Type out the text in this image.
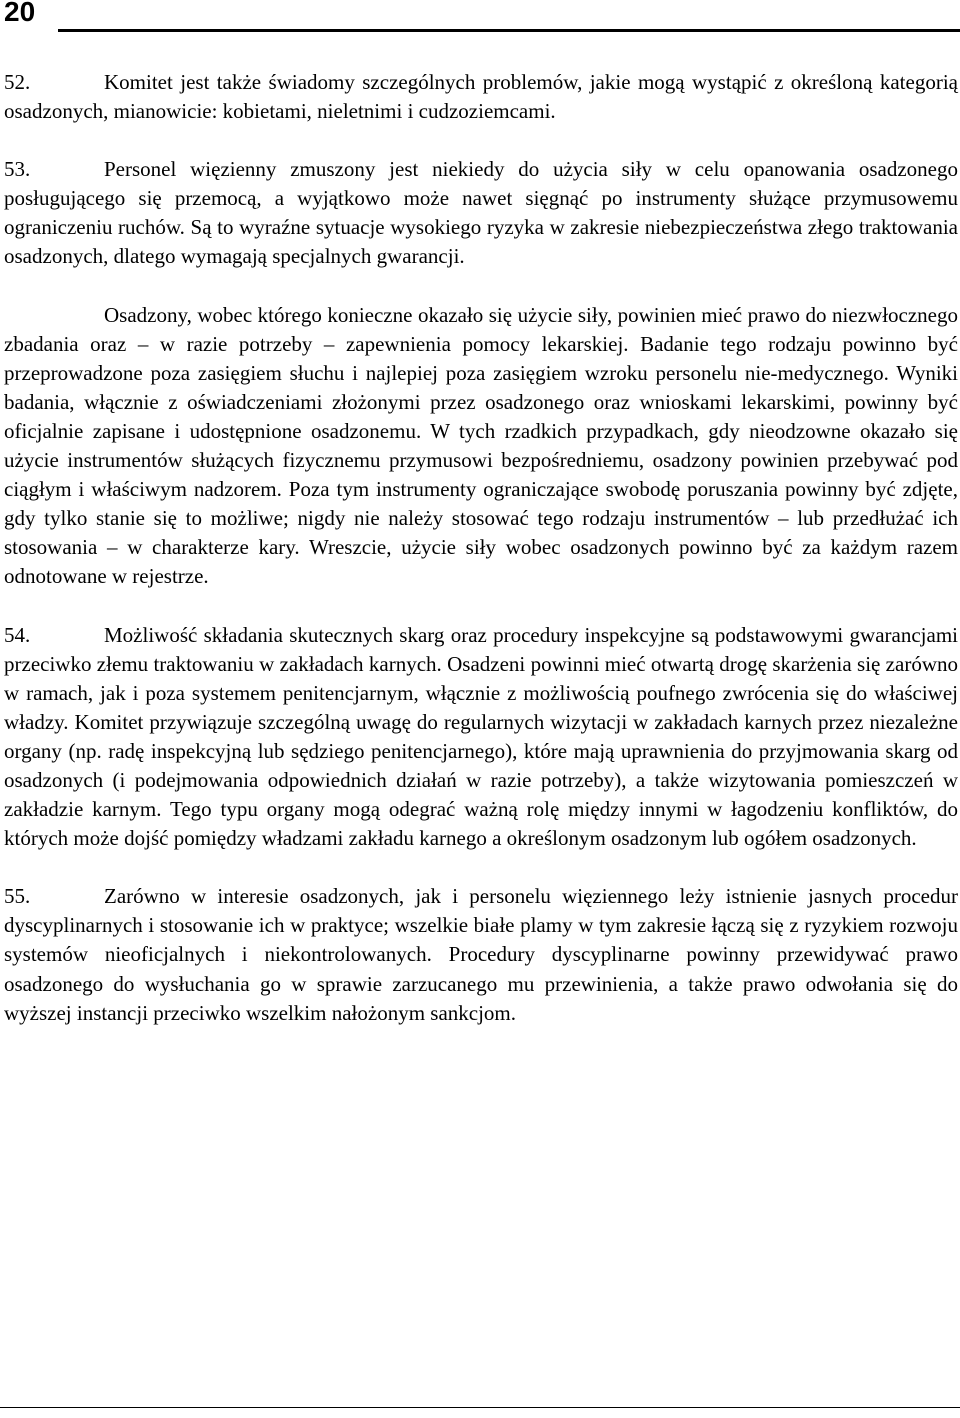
20

52.	Komitet jest także świadomy szczególnych problemów, jakie mogą wystąpić z określoną kategorią osadzonych, mianowicie: kobietami, nieletnimi i cudzoziemcami.

53.	Personel więzienny zmuszony jest niekiedy do użycia siły w celu opanowania osadzonego posługującego się przemocą, a wyjątkowo może nawet sięgnąć po instrumenty służące przymusowemu ograniczeniu ruchów. Są to wyraźne sytuacje wysokiego ryzyka w zakresie niebezpieczeństwa złego traktowania osadzonych, dlatego wymagają specjalnych gwarancji.

Osadzony, wobec którego konieczne okazało się użycie siły, powinien mieć prawo do niezwłocznego zbadania oraz – w razie potrzeby – zapewnienia pomocy lekarskiej. Badanie tego rodzaju powinno być przeprowadzone poza zasięgiem słuchu i najlepiej poza zasięgiem wzroku personelu nie-medycznego. Wyniki badania, włącznie z oświadczeniami złożonymi przez osadzonego oraz wnioskami lekarskimi, powinny być oficjalnie zapisane i udostępnione osadzonemu. W tych rzadkich przypadkach, gdy nieodzowne okazało się użycie instrumentów służących fizycznemu przymusowi bezpośredniemu, osadzony powinien przebywać pod ciągłym i właściwym nadzorem. Poza tym instrumenty ograniczające swobodę poruszania powinny być zdjęte, gdy tylko stanie się to możliwe; nigdy nie należy stosować tego rodzaju instrumentów – lub przedłużać ich stosowania – w charakterze kary. Wreszcie, użycie siły wobec osadzonych powinno być za każdym razem odnotowane w rejestrze.

54.	Możliwość składania skutecznych skarg oraz procedury inspekcyjne są podstawowymi gwarancjami przeciwko złemu traktowaniu w zakładach karnych. Osadzeni powinni mieć otwartą drogę skarżenia się zarówno w ramach, jak i poza systemem penitencjarnym, włącznie z możliwością poufnego zwrócenia się do właściwej władzy. Komitet przywiązuje szczególną uwagę do regularnych wizytacji w zakładach karnych przez niezależne organy (np. radę inspekcyjną lub sędziego penitencjarnego), które mają uprawnienia do przyjmowania skarg od osadzonych (i podejmowania odpowiednich działań w razie potrzeby), a także wizytowania pomieszczeń w zakładzie karnym. Tego typu organy mogą odegrać ważną rolę między innymi w łagodzeniu konfliktów, do których może dojść pomiędzy władzami zakładu karnego a określonym osadzonym lub ogółem osadzonych.

55.	Zarówno w interesie osadzonych, jak i personelu więziennego leży istnienie jasnych procedur dyscyplinarnych i stosowanie ich w praktyce; wszelkie białe plamy w tym zakresie łączą się z ryzykiem rozwoju systemów nieoficjalnych i niekontrolowanych. Procedury dyscyplinarne powinny przewidywać prawo osadzonego do wysłuchania go w sprawie zarzucanego mu przewinienia, a także prawo odwołania się do wyższej instancji przeciwko wszelkim nałożonym sankcjom.
